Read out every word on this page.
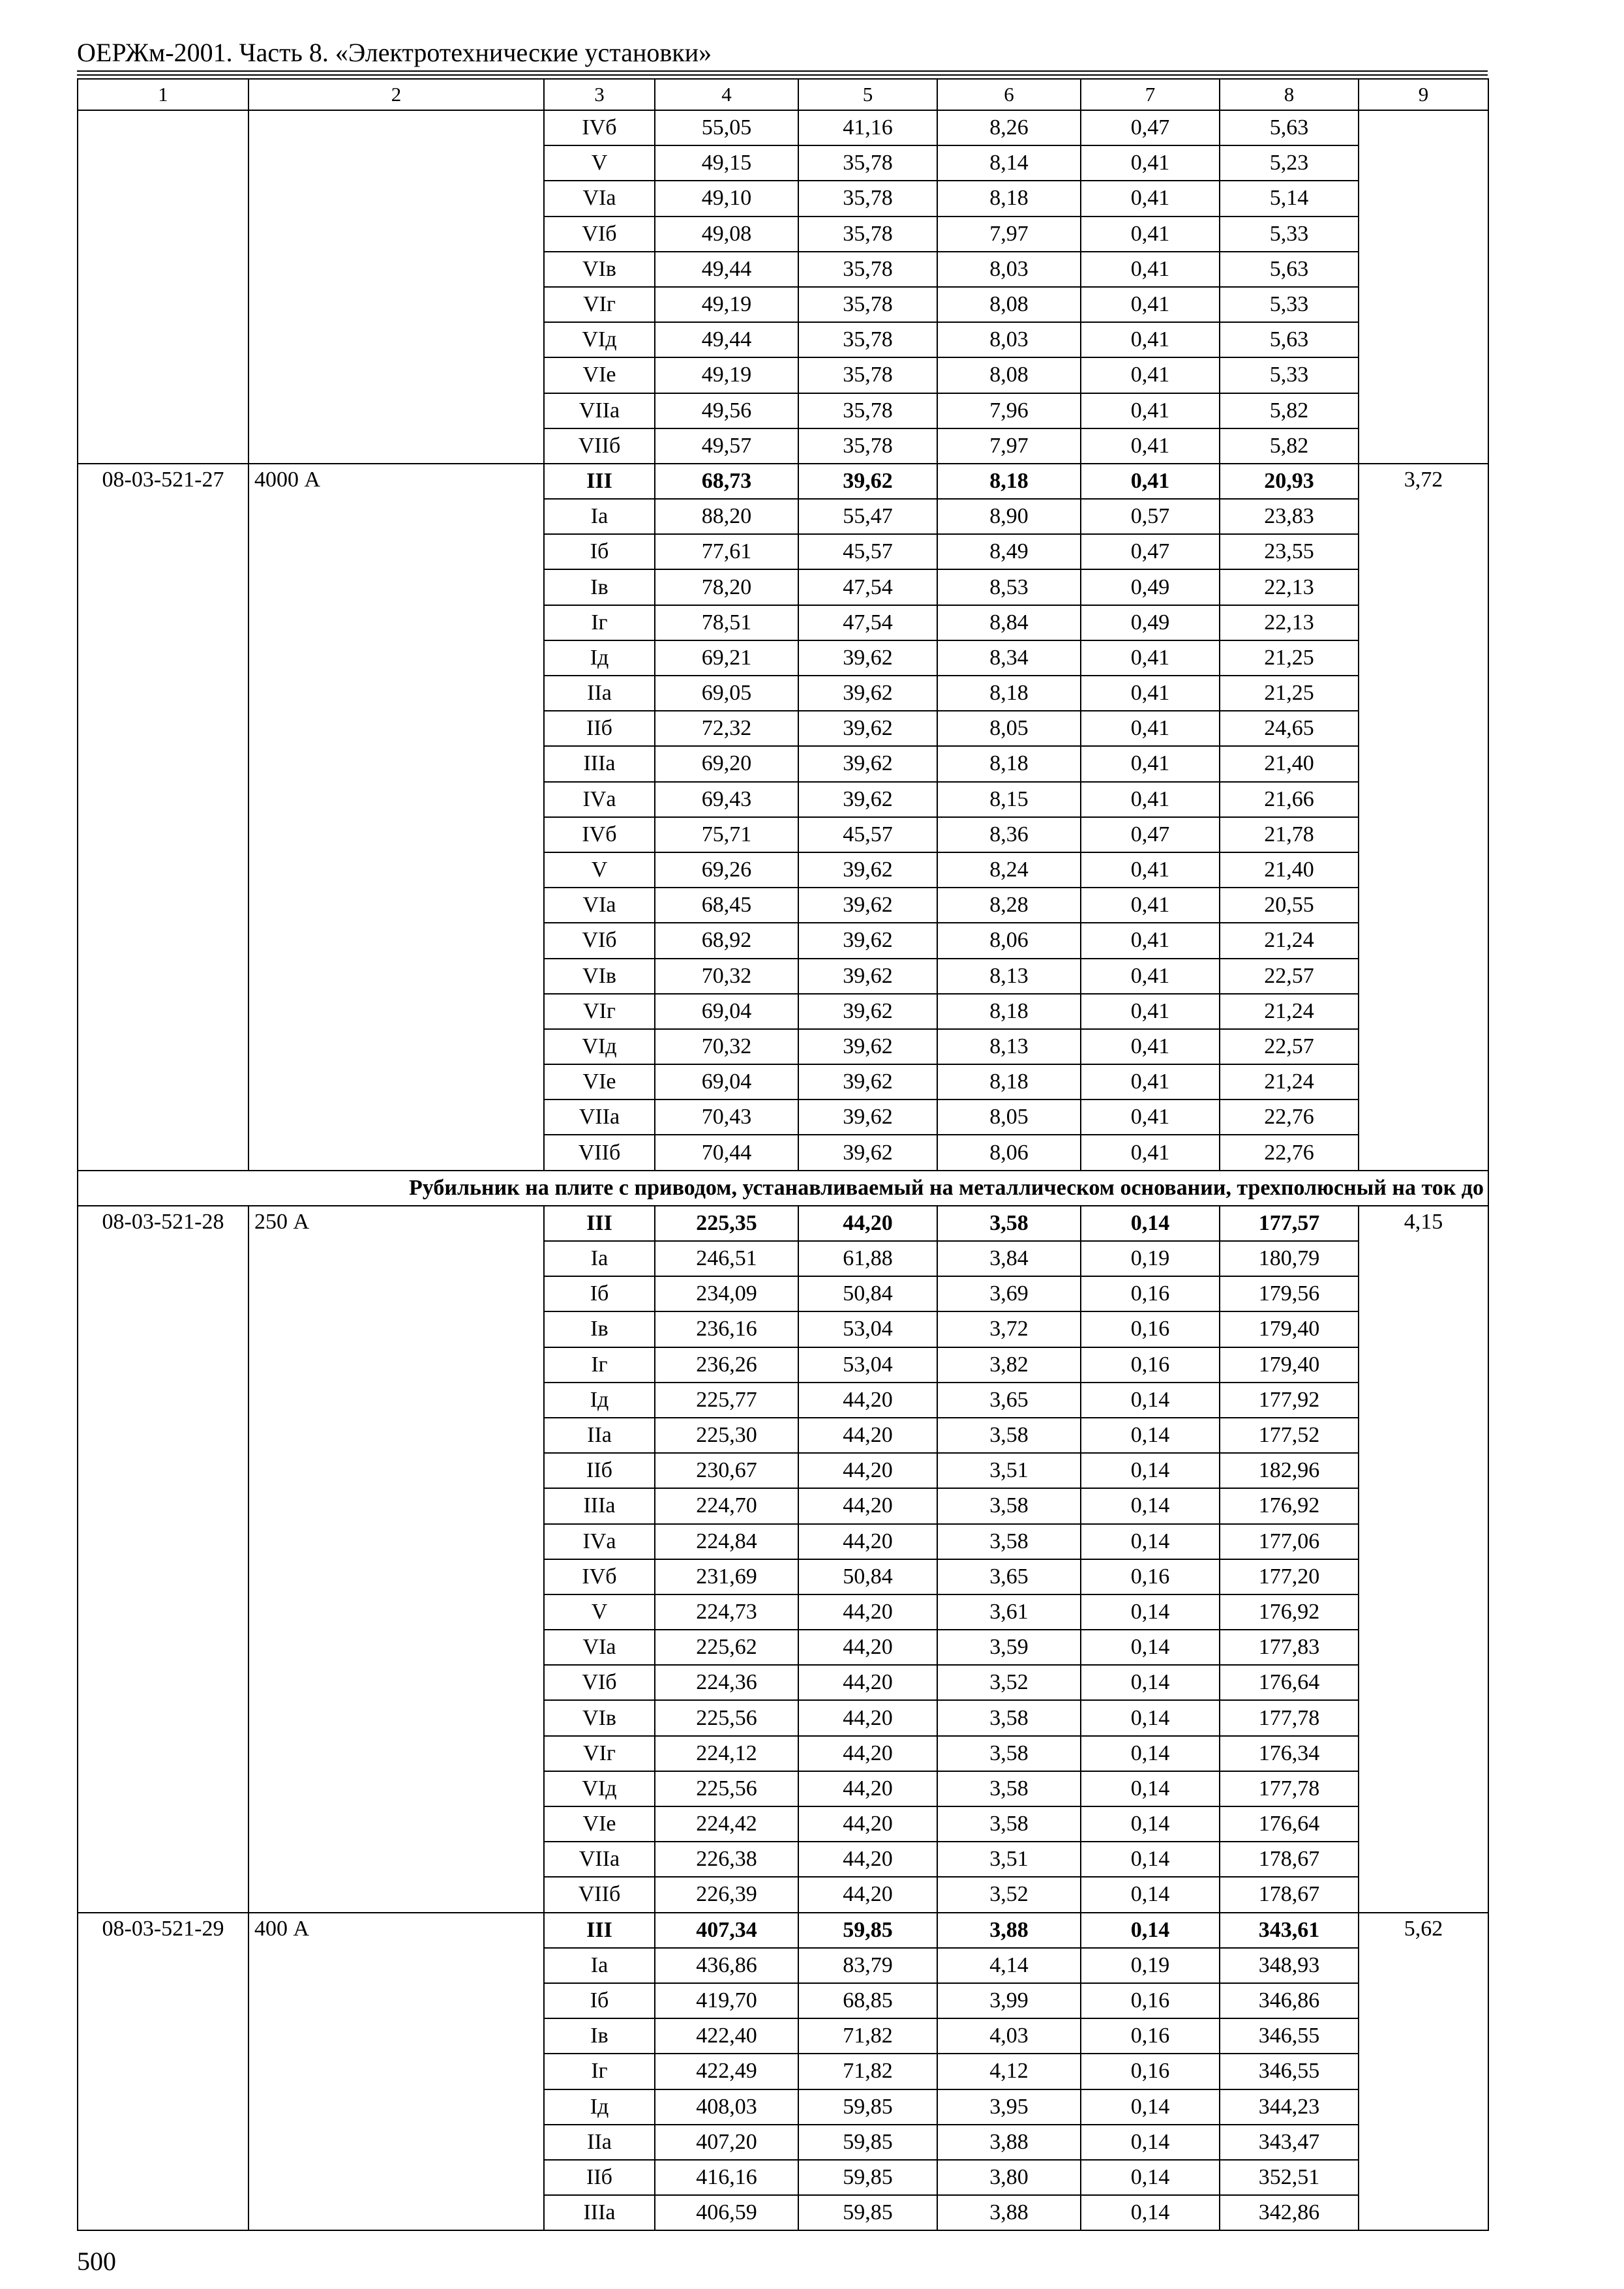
ОЕРЖм-2001. Часть 8. «Электротехнические установки»
1	2	3	4	5	6	7	8	9
		IVб	55,05	41,16	8,26	0,47	5,63	
		V	49,15	35,78	8,14	0,41	5,23	
		VIа	49,10	35,78	8,18	0,41	5,14	
		VIб	49,08	35,78	7,97	0,41	5,33	
		VIв	49,44	35,78	8,03	0,41	5,63	
		VIг	49,19	35,78	8,08	0,41	5,33	
		VIд	49,44	35,78	8,03	0,41	5,63	
		VIе	49,19	35,78	8,08	0,41	5,33	
		VIIа	49,56	35,78	7,96	0,41	5,82	
		VIIб	49,57	35,78	7,97	0,41	5,82	
08-03-521-27	4000 А	III	68,73	39,62	8,18	0,41	20,93	3,72
		Iа	88,20	55,47	8,90	0,57	23,83	
		Iб	77,61	45,57	8,49	0,47	23,55	
		Iв	78,20	47,54	8,53	0,49	22,13	
		Iг	78,51	47,54	8,84	0,49	22,13	
		Iд	69,21	39,62	8,34	0,41	21,25	
		IIа	69,05	39,62	8,18	0,41	21,25	
		IIб	72,32	39,62	8,05	0,41	24,65	
		IIIа	69,20	39,62	8,18	0,41	21,40	
		IVа	69,43	39,62	8,15	0,41	21,66	
		IVб	75,71	45,57	8,36	0,47	21,78	
		V	69,26	39,62	8,24	0,41	21,40	
		VIа	68,45	39,62	8,28	0,41	20,55	
		VIб	68,92	39,62	8,06	0,41	21,24	
		VIв	70,32	39,62	8,13	0,41	22,57	
		VIг	69,04	39,62	8,18	0,41	21,24	
		VIд	70,32	39,62	8,13	0,41	22,57	
		VIе	69,04	39,62	8,18	0,41	21,24	
		VIIа	70,43	39,62	8,05	0,41	22,76	
		VIIб	70,44	39,62	8,06	0,41	22,76	
Рубильник на плите с приводом, устанавливаемый на металлическом основании, трехполюсный на ток до								
08-03-521-28	250 А	III	225,35	44,20	3,58	0,14	177,57	4,15
		Iа	246,51	61,88	3,84	0,19	180,79	
		Iб	234,09	50,84	3,69	0,16	179,56	
		Iв	236,16	53,04	3,72	0,16	179,40	
		Iг	236,26	53,04	3,82	0,16	179,40	
		Iд	225,77	44,20	3,65	0,14	177,92	
		IIа	225,30	44,20	3,58	0,14	177,52	
		IIб	230,67	44,20	3,51	0,14	182,96	
		IIIа	224,70	44,20	3,58	0,14	176,92	
		IVа	224,84	44,20	3,58	0,14	177,06	
		IVб	231,69	50,84	3,65	0,16	177,20	
		V	224,73	44,20	3,61	0,14	176,92	
		VIа	225,62	44,20	3,59	0,14	177,83	
		VIб	224,36	44,20	3,52	0,14	176,64	
		VIв	225,56	44,20	3,58	0,14	177,78	
		VIг	224,12	44,20	3,58	0,14	176,34	
		VIд	225,56	44,20	3,58	0,14	177,78	
		VIе	224,42	44,20	3,58	0,14	176,64	
		VIIа	226,38	44,20	3,51	0,14	178,67	
		VIIб	226,39	44,20	3,52	0,14	178,67	
08-03-521-29	400 А	III	407,34	59,85	3,88	0,14	343,61	5,62
		Iа	436,86	83,79	4,14	0,19	348,93	
		Iб	419,70	68,85	3,99	0,16	346,86	
		Iв	422,40	71,82	4,03	0,16	346,55	
		Iг	422,49	71,82	4,12	0,16	346,55	
		Iд	408,03	59,85	3,95	0,14	344,23	
		IIа	407,20	59,85	3,88	0,14	343,47	
		IIб	416,16	59,85	3,80	0,14	352,51	
		IIIа	406,59	59,85	3,88	0,14	342,86	
500
